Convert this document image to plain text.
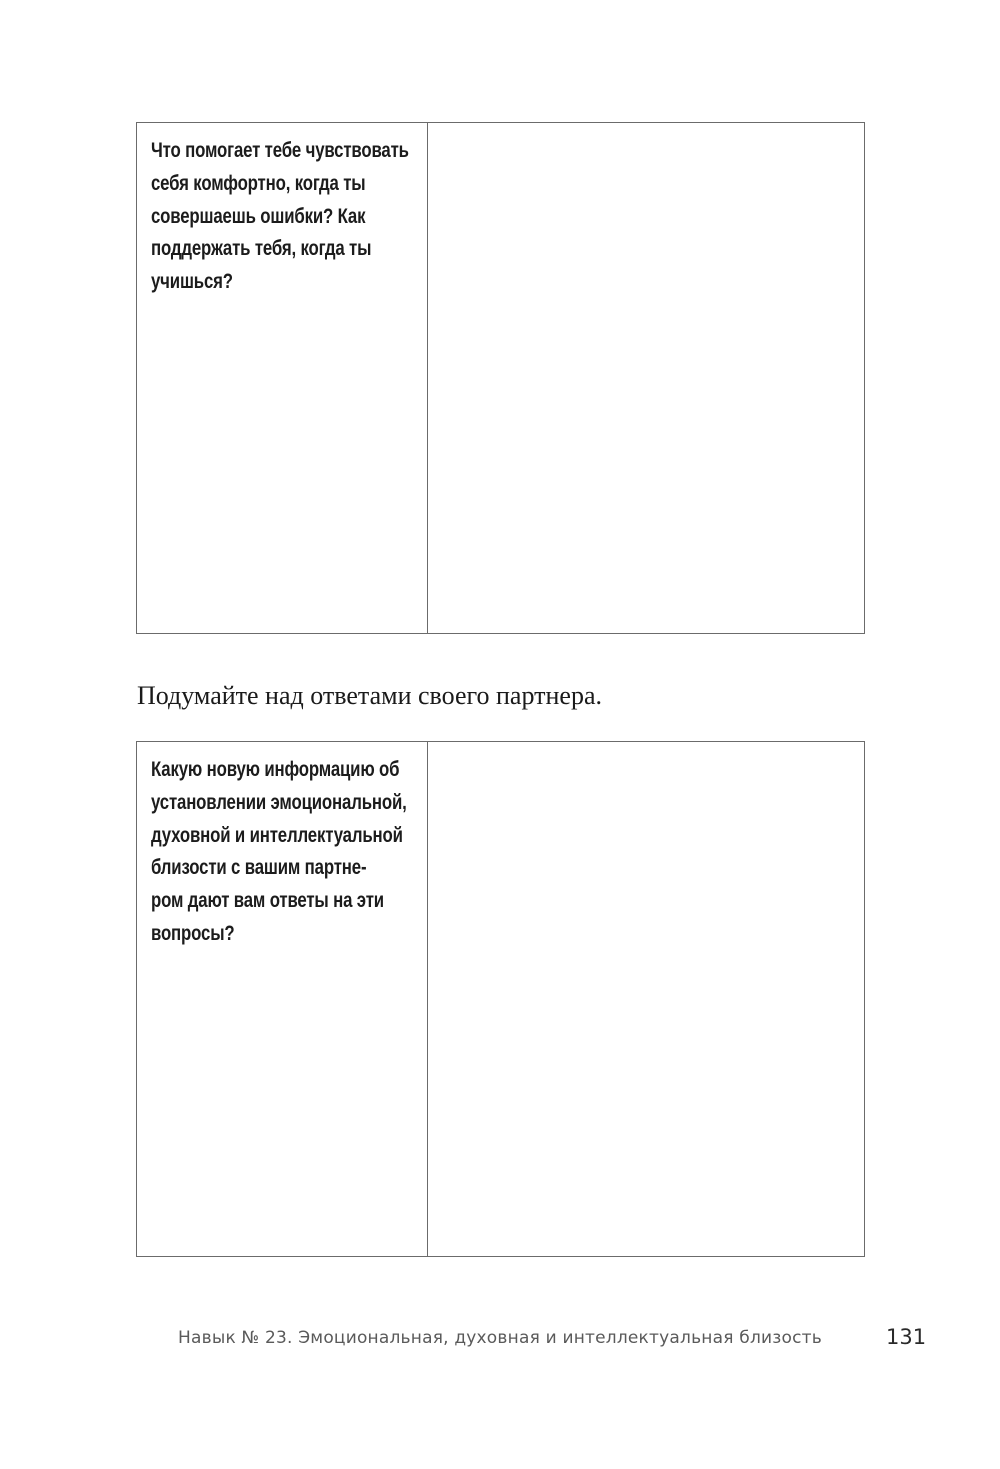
Что помогает тебе чувствовать
себя комфортно, когда ты
совершаешь ошибки? Как
поддержать тебя, когда ты
учишься?
Подумайте над ответами своего партнера.
Какую новую информацию об
установлении эмоциональной,
духовной и интеллектуальной
близости с вашим партне-
ром дают вам ответы на эти
вопросы?
Навык № 23. Эмоциональная, духовная и интеллектуальная близость	131
